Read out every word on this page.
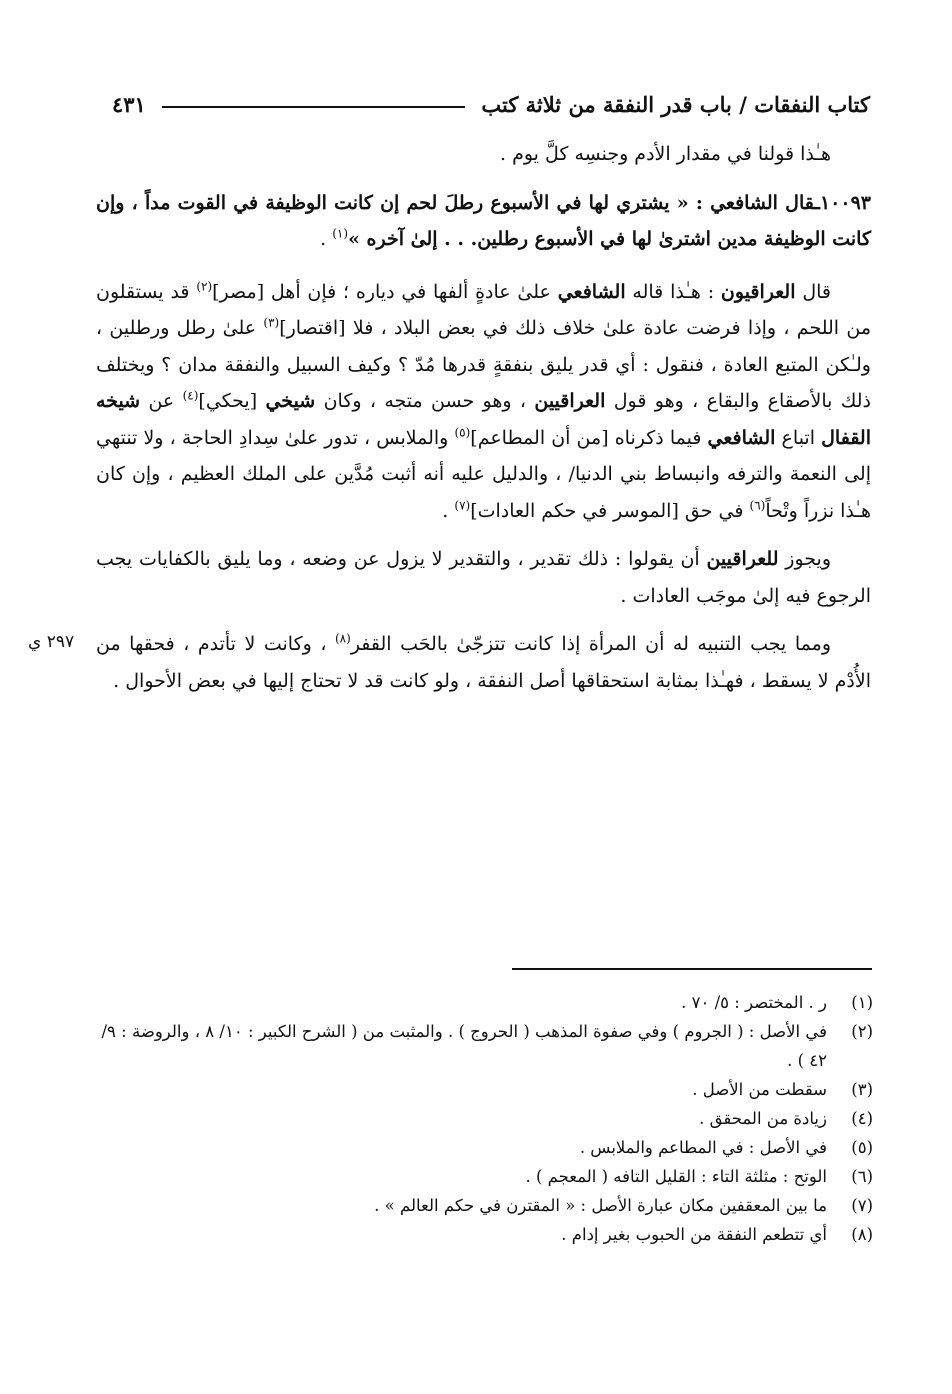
كتاب النفقات / باب قدر النفقة من ثلاثة كتب
٤٣١
٢٩٧ ي

هـٰذا قولنا في مقدار الأدم وجنسِه كلَّ يوم .

١٠٠٩٣ـقال الشافعي : « يشتري لها في الأسبوع رطلَ لحم إن كانت الوظيفة في القوت مداً ، وإن كانت الوظيفة مدين اشترىٰ لها في الأسبوع رطلين. . . إلىٰ آخره »$^{(١)}$ .

قال العراقيون : هـٰذا قاله الشافعي علىٰ عادةٍ ألفها في دياره ؛ فإن أهل [مصر]$^{(٢)}$ قد يستقلون من اللحم ، وإذا فرضت عادة علىٰ خلاف ذلك في بعض البلاد ، فلا [اقتصار]$^{(٣)}$ علىٰ رطل ورطلين ، ولـٰكن المتبع العادة ، فنقول : أي قدر يليق بنفقةٍ قدرها مُدّ ؟ وكيف السبيل والنفقة مدان ؟ ويختلف ذلك بالأصقاع والبقاع ، وهو قول العراقيين ، وهو حسن متجه ، وكان شيخي [يحكي]$^{(٤)}$ عن شيخه القفال اتباع الشافعي فيما ذكرناه [من أن المطاعم]$^{(٥)}$ والملابس ، تدور علىٰ سِدادِ الحاجة ، ولا تنتهي إلى النعمة والترفه وانبساط بني الدنيا/ ، والدليل عليه أنه أثبت مُدَّين على الملك العظيم ، وإن كان هـٰذا نزراً وتْحاً$^{(٦)}$ في حق [الموسر في حكم العادات]$^{(٧)}$ .

ويجوز للعراقيين أن يقولوا : ذلك تقدير ، والتقدير لا يزول عن وضعه ، وما يليق بالكفايات يجب الرجوع فيه إلىٰ موجَب العادات .

ومما يجب التنبيه له أن المرأة إذا كانت تتزجّىٰ بالحَب القفر$^{(٨)}$ ، وكانت لا تأتدم ، فحقها من الأُدْم لا يسقط ، فهـٰذا بمثابة استحقاقها أصل النفقة ، ولو كانت قد لا تحتاج إليها في بعض الأحوال .

(١)
ر . المختصر : ٥/ ٧٠ .
(٢)
في الأصل : ( الجروم ) وفي صفوة المذهب ( الحروج ) . والمثبت من ( الشرح الكبير : ١٠/ ٨ ، والروضة : ٩/ ٤٢ ) .
(٣)
سقطت من الأصل .
(٤)
زيادة من المحقق .
(٥)
في الأصل : في المطاعم والملابس .
(٦)
الوتح : مثلثة التاء : القليل التافه ( المعجم ) .
(٧)
ما بين المعقفين مكان عبارة الأصل : « المقترن في حكم العالم » .
(٨)
أي تتطعم النفقة من الحبوب بغير إدام .
